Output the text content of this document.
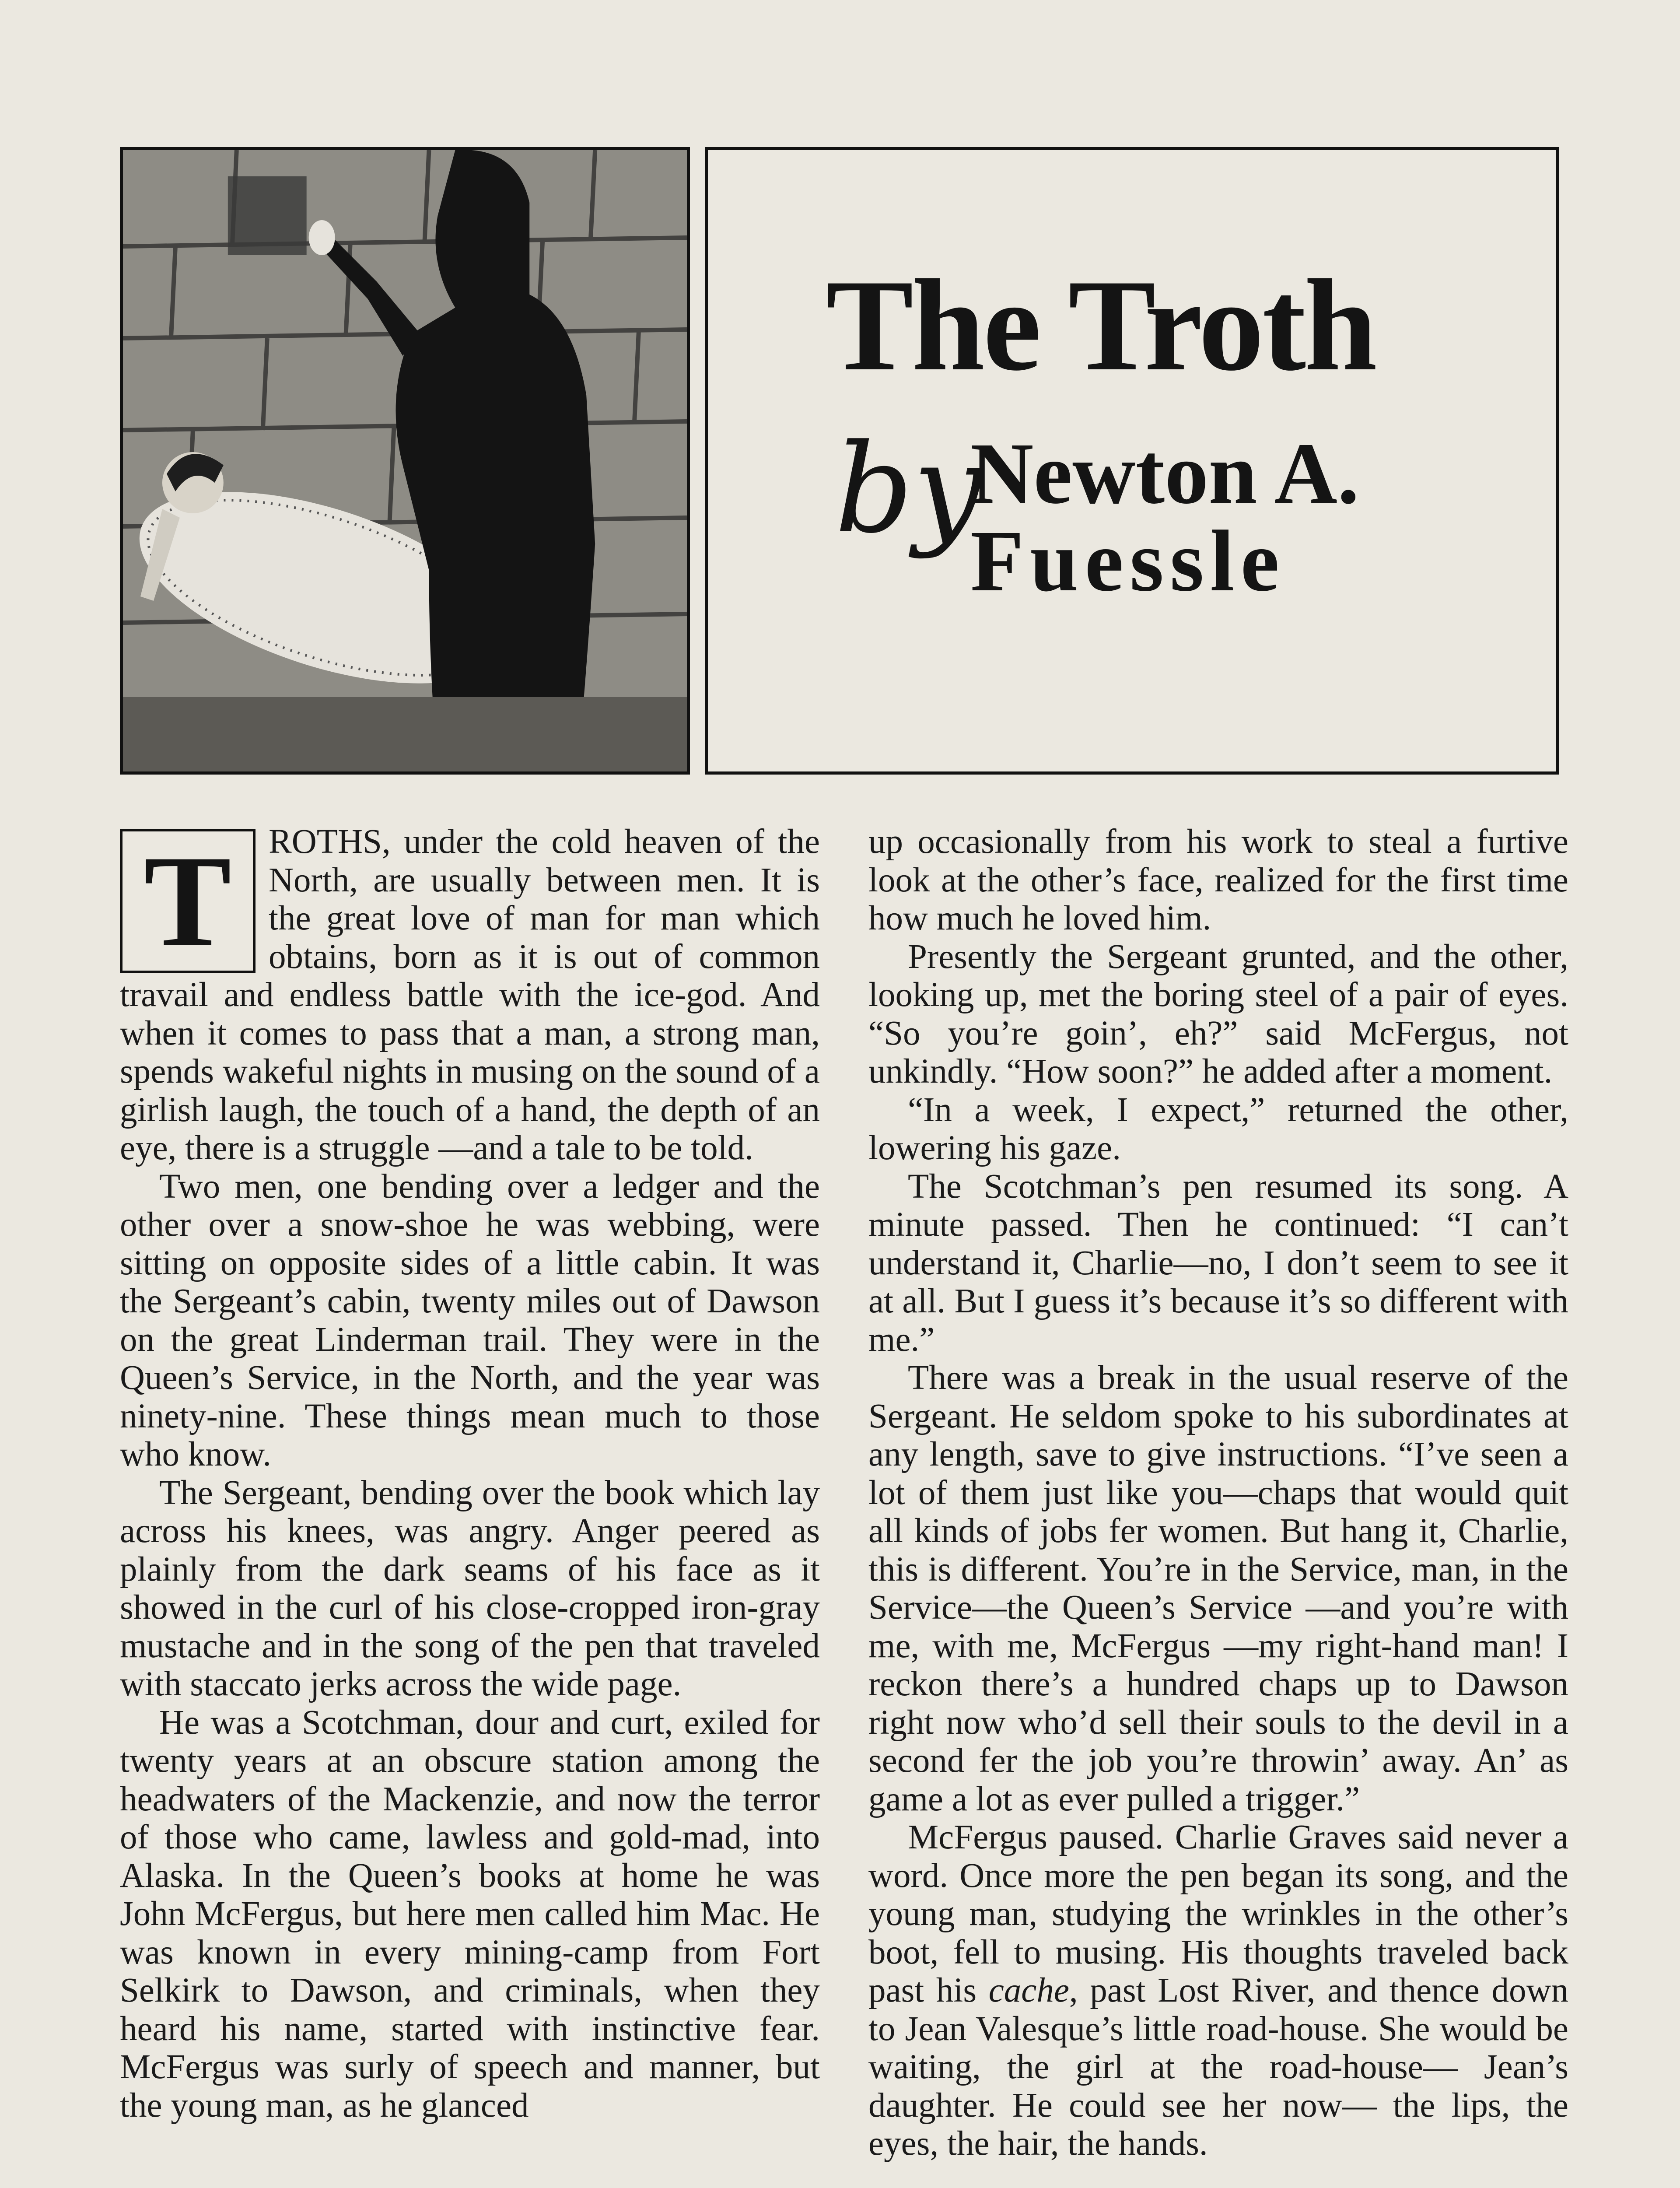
The Troth
by
Newton A.
Fuessle

T	ROTHS, under the cold heaven of the North, are usually between men. It is the great love of man for man which obtains, born as it is out of common travail and endless battle with the ice-god. And when it comes to pass that a man, a strong man, spends wakeful nights in musing on the sound of a girlish laugh, the touch of a hand, the depth of an eye, there is a struggle —and a tale to be told.

Two men, one bending over a ledger and the other over a snow-shoe he was webbing, were sitting on opposite sides of a little cabin. It was the Sergeant’s cabin, twenty miles out of Dawson on the great Linderman trail. They were in the Queen’s Service, in the North, and the year was ninety-nine. These things mean much to those who know.

The Sergeant, bending over the book which lay across his knees, was angry. Anger peered as plainly from the dark seams of his face as it showed in the curl of his close-cropped iron-gray mustache and in the song of the pen that traveled with staccato jerks across the wide page.

He was a Scotchman, dour and curt, exiled for twenty years at an obscure station among the headwaters of the Mackenzie, and now the terror of those who came, lawless and gold-mad, into Alaska. In the Queen’s books at home he was John McFergus, but here men called him Mac. He was known in every mining-camp from Fort Selkirk to Dawson, and criminals, when they heard his name, started with instinctive fear. McFergus was surly of speech and manner, but the young man, as he glanced

up occasionally from his work to steal a furtive look at the other’s face, realized for the first time how much he loved him.

Presently the Sergeant grunted, and the other, looking up, met the boring steel of a pair of eyes. “So you’re goin’, eh?” said McFergus, not unkindly. “How soon?” he added after a moment.

“In a week, I expect,” returned the other, lowering his gaze.

The Scotchman’s pen resumed its song. A minute passed. Then he continued: “I can’t understand it, Charlie—no, I don’t seem to see it at all. But I guess it’s because it’s so different with me.”

There was a break in the usual reserve of the Sergeant. He seldom spoke to his subordinates at any length, save to give instructions. “I’ve seen a lot of them just like you—chaps that would quit all kinds of jobs fer women. But hang it, Charlie, this is different. You’re in the Service, man, in the Service—the Queen’s Service —and you’re with me, with me, McFergus —my right-hand man! I reckon there’s a hundred chaps up to Dawson right now who’d sell their souls to the devil in a second fer the job you’re throwin’ away. An’ as game a lot as ever pulled a trigger.”

McFergus paused. Charlie Graves said never a word. Once more the pen began its song, and the young man, studying the wrinkles in the other’s boot, fell to musing. His thoughts traveled back past his cache, past Lost River, and thence down to Jean Valesque’s little road-house. She would be waiting, the girl at the road-house— Jean’s daughter. He could see her now— the lips, the eyes, the hair, the hands.
